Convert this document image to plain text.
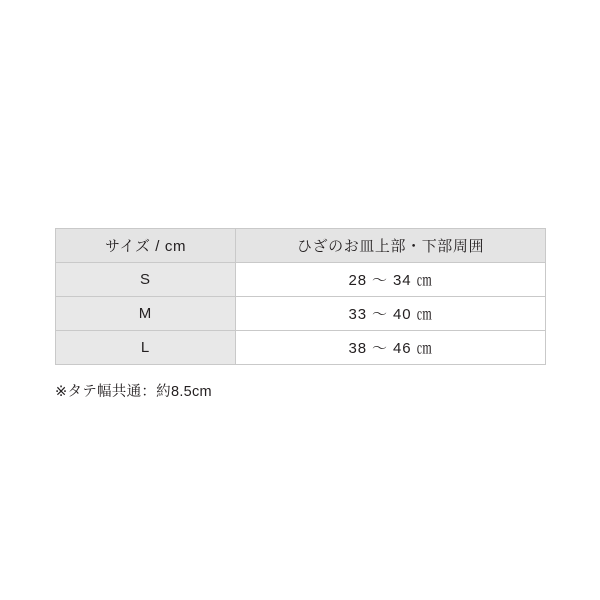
サイズ / cm	ひざのお皿上部・下部周囲
S	28 〜 34 ㎝
M	33 〜 40 ㎝
L	38 〜 46 ㎝
※タテ幅共通：約8.5cm
